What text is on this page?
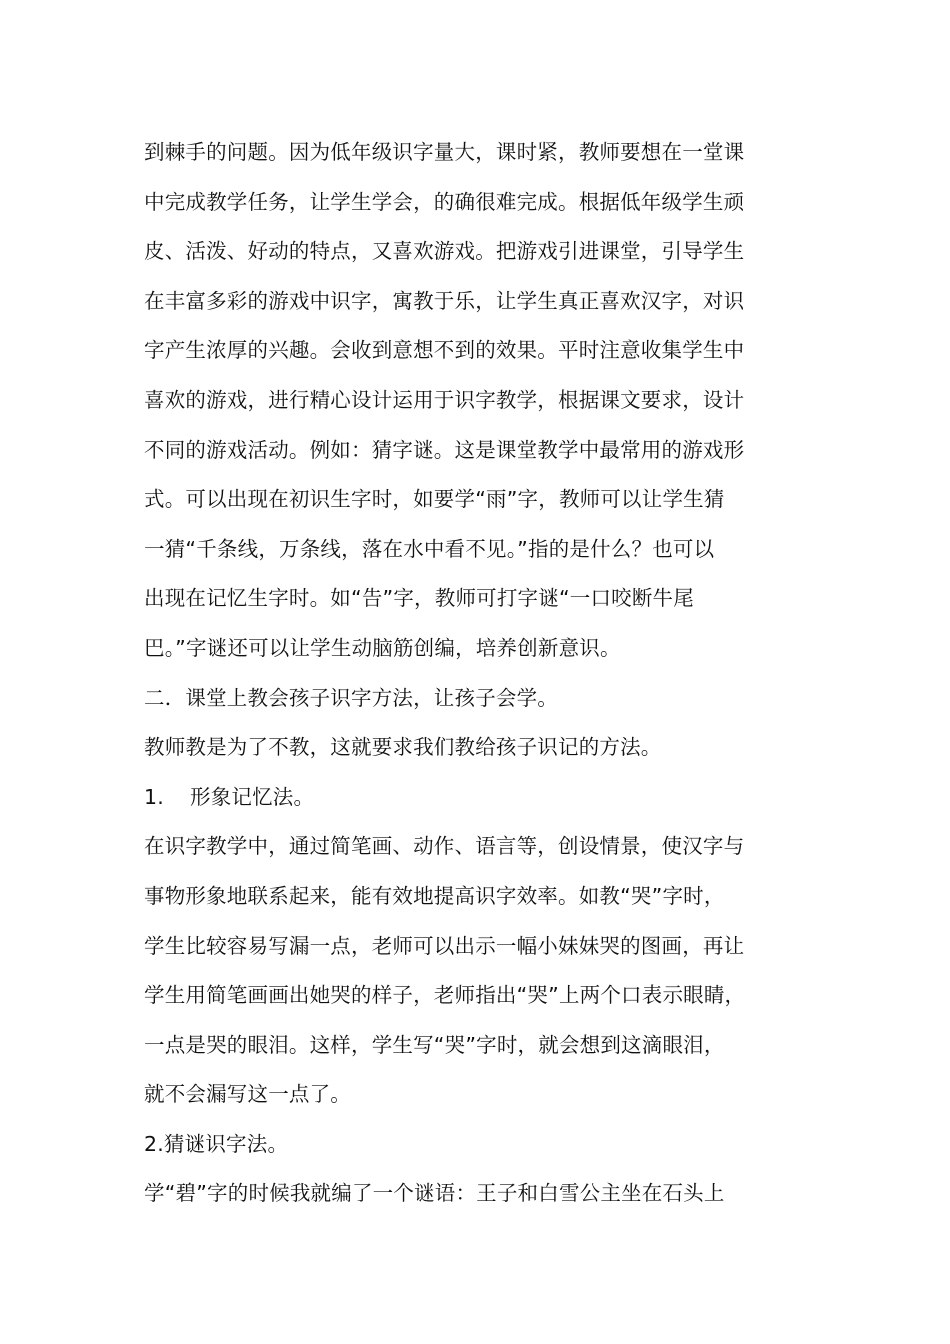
到棘手的问题。因为低年级识字量大，课时紧，教师要想在一堂课
中完成教学任务，让学生学会，的确很难完成。根据低年级学生顽
皮、活泼、好动的特点，又喜欢游戏。把游戏引进课堂，引导学生
在丰富多彩的游戏中识字，寓教于乐，让学生真正喜欢汉字，对识
字产生浓厚的兴趣。会收到意想不到的效果。平时注意收集学生中
喜欢的游戏，进行精心设计运用于识字教学，根据课文要求，设计
不同的游戏活动。例如：猜字谜。这是课堂教学中最常用的游戏形
式。可以出现在初识生字时，如要学“雨”字，教师可以让学生猜
一猜“千条线，万条线，落在水中看不见。”指的是什么？也可以
出现在记忆生字时。如“告”字，教师可打字谜“一口咬断牛尾
巴。”字谜还可以让学生动脑筋创编，培养创新意识。
二．课堂上教会孩子识字方法，让孩子会学。
教师教是为了不教，这就要求我们教给孩子识记的方法。
1. 形象记忆法。
在识字教学中，通过简笔画、动作、语言等，创设情景，使汉字与
事物形象地联系起来，能有效地提高识字效率。如教“哭”字时，
学生比较容易写漏一点，老师可以出示一幅小妹妹哭的图画，再让
学生用简笔画画出她哭的样子，老师指出“哭”上两个口表示眼睛，
一点是哭的眼泪。这样，学生写“哭”字时，就会想到这滴眼泪，
就不会漏写这一点了。
2.猜谜识字法。
学“碧”字的时候我就编了一个谜语：王子和白雪公主坐在石头上
